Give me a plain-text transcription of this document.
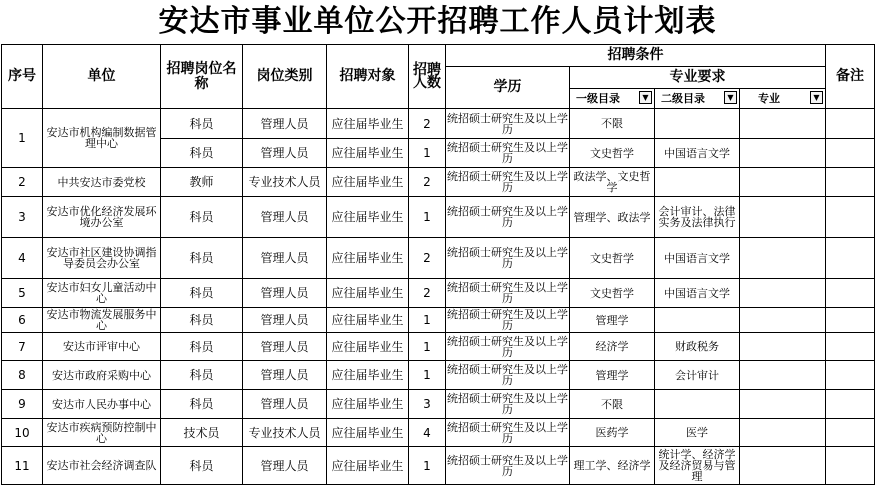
安达市事业单位公开招聘工作人员计划表
序号	单位	招聘岗位名称	岗位类别	招聘对象	招聘人数	招聘条件				备注
						学历	专业要求			
							一级目录 ▼	二级目录 ▼	专业 ▼	

1	安达市机构编制数据管理中心	科员	管理人员	应往届毕业生	2	统招硕士研究生及以上学历	不限			
		科员	管理人员	应往届毕业生	1	统招硕士研究生及以上学历	文史哲学	中国语言文学		
2	中共安达市委党校	教师	专业技术人员	应往届毕业生	2	统招硕士研究生及以上学历	政法学、文史哲学			
3	安达市优化经济发展环境办公室	科员	管理人员	应往届毕业生	1	统招硕士研究生及以上学历	管理学、政法学	会计审计、法律实务及法律执行		
4	安达市社区建设协调指导委员会办公室	科员	管理人员	应往届毕业生	2	统招硕士研究生及以上学历	文史哲学	中国语言文学		
5	安达市妇女儿童活动中心	科员	管理人员	应往届毕业生	2	统招硕士研究生及以上学历	文史哲学	中国语言文学		
6	安达市物流发展服务中心	科员	管理人员	应往届毕业生	1	统招硕士研究生及以上学历	管理学			
7	安达市评审中心	科员	管理人员	应往届毕业生	1	统招硕士研究生及以上学历	经济学	财政税务		
8	安达市政府采购中心	科员	管理人员	应往届毕业生	1	统招硕士研究生及以上学历	管理学	会计审计		
9	安达市人民办事中心	科员	管理人员	应往届毕业生	3	统招硕士研究生及以上学历	不限			
10	安达市疾病预防控制中心	技术员	专业技术人员	应往届毕业生	4	统招硕士研究生及以上学历	医药学	医学		
11	安达市社会经济调查队	科员	管理人员	应往届毕业生	1	统招硕士研究生及以上学历	理工学、经济学	统计学、经济学及经济贸易与管理		
